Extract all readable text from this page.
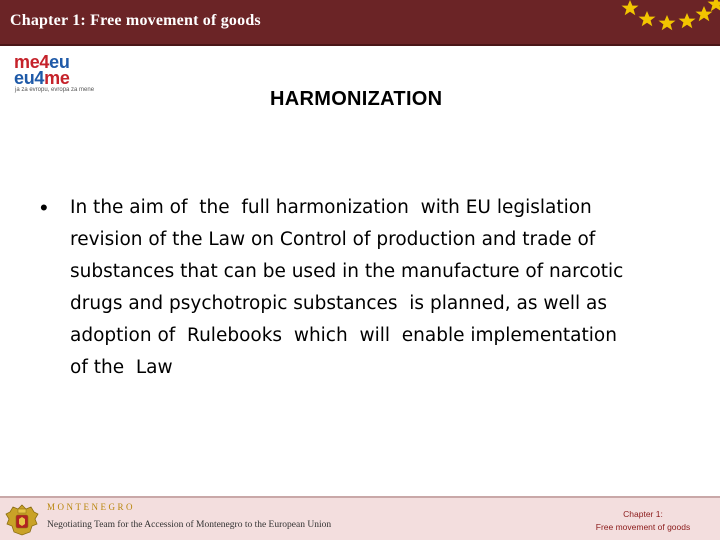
Chapter 1: Free movement of goods
me4eu
eu4me
ja za evropu, evropa za mene	HARMONIZATION
• In the aim of  the  full harmonization  with EU legislation
revision of the Law on Control of production and trade of
substances that can be used in the manufacture of narcotic
drugs and psychotropic substances  is planned, as well as
adoption of  Rulebooks  which  will  enable implementation
of the  Law
MONTENEGRO
Negotiating Team for the Accession of Montenegro to the European Union
Chapter 1:
Free movement of goods
